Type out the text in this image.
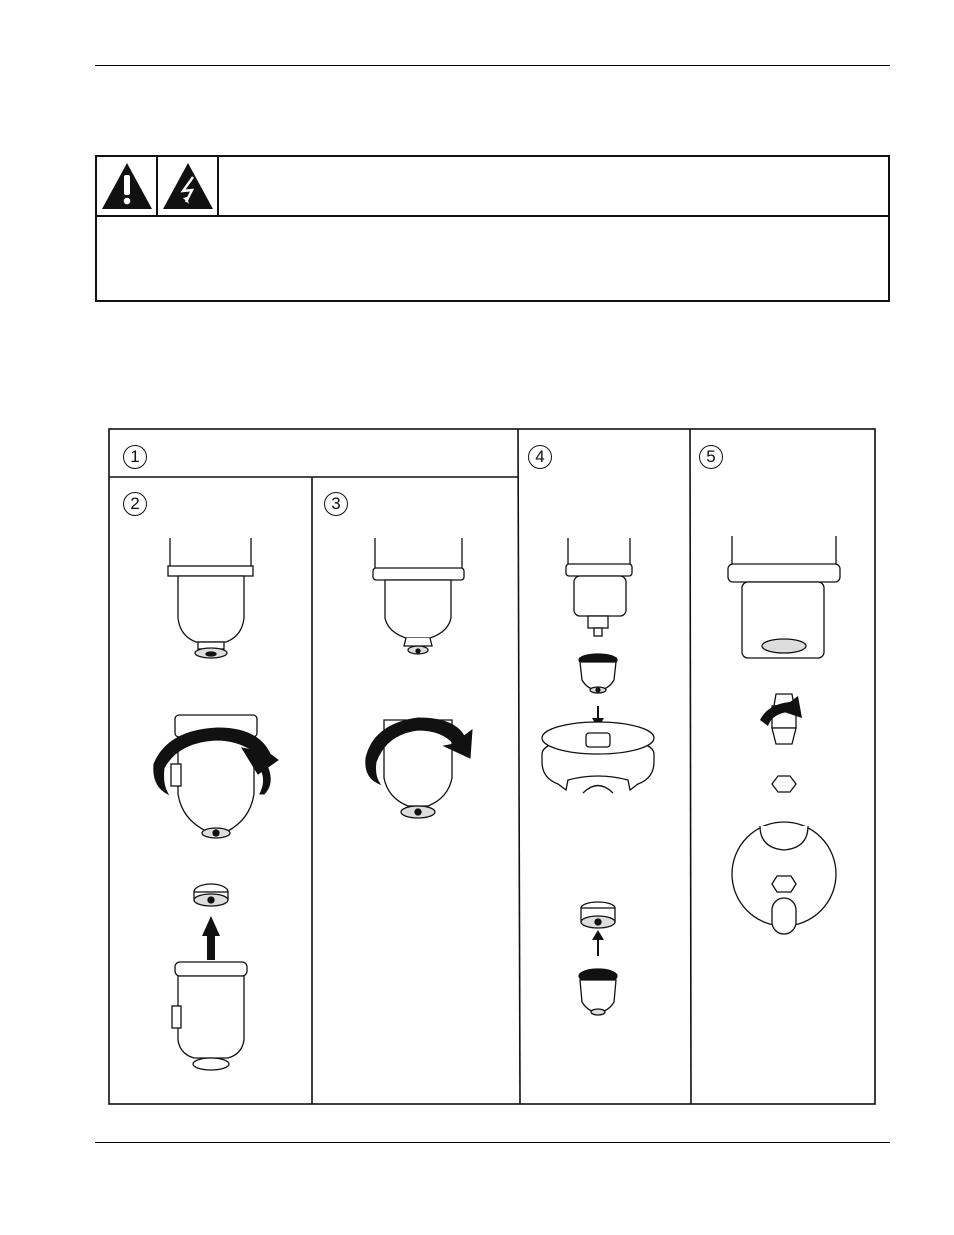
1
2	3
4	5
